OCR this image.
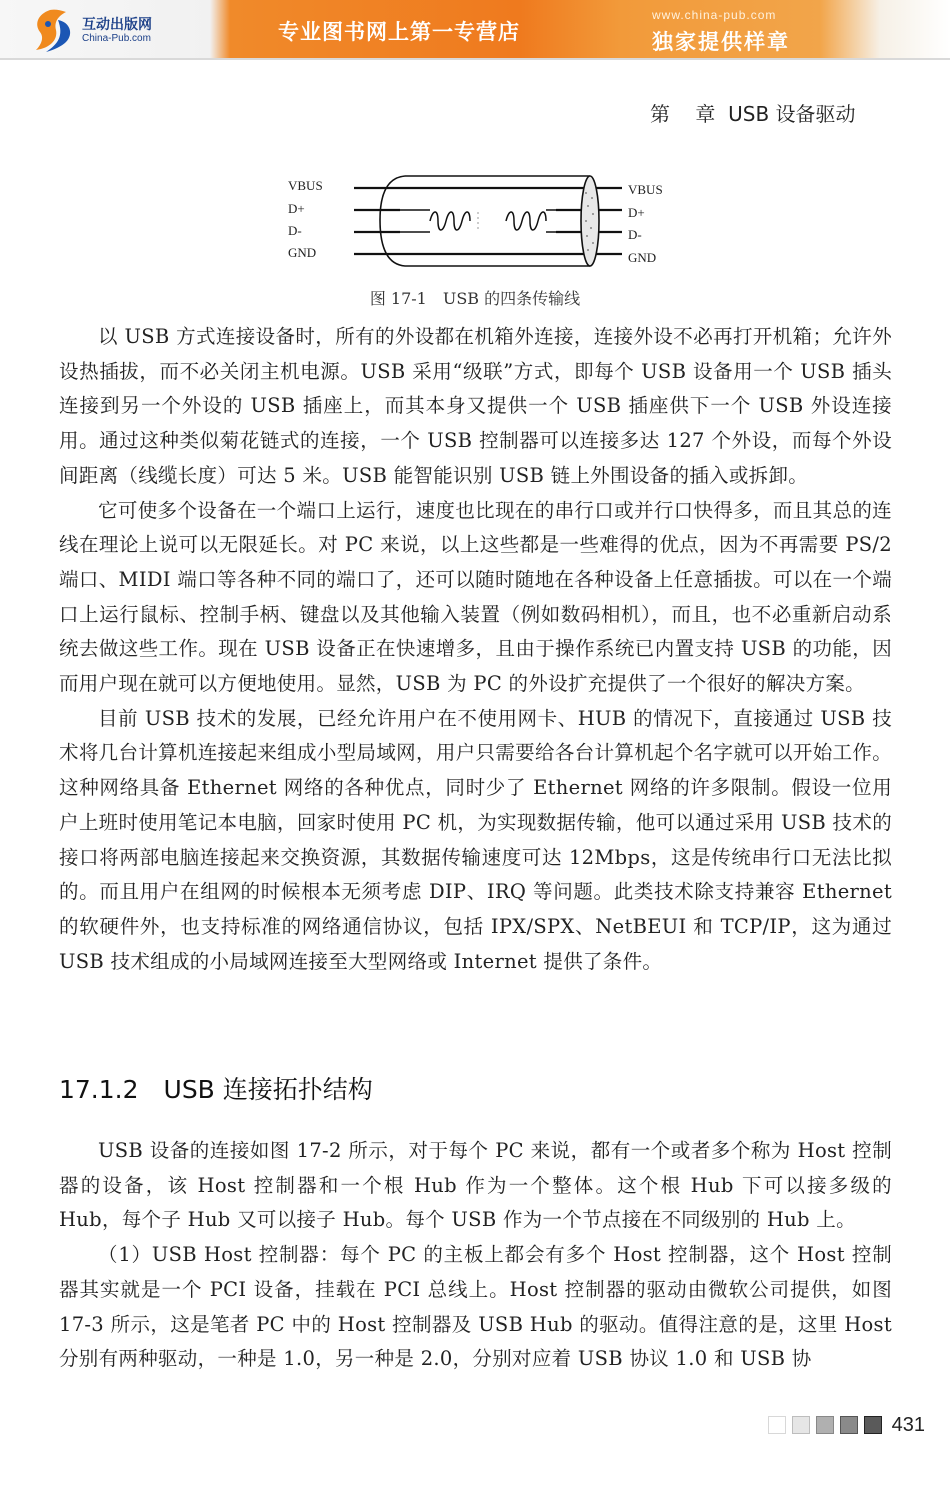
互动出版网
China-Pub.com	专业图书网上第一专营店
www.china-pub.com
独家提供样章
第    章  USB 设备驱动
VBUS
D+
D-
GND
VBUS
D+
D-
GND
图 17-1　USB 的四条传输线

以 USB 方式连接设备时，所有的外设都在机箱外连接，连接外设不必再打开机箱；允许外设热插拔，而不必关闭主机电源。USB 采用“级联”方式，即每个 USB 设备用一个 USB 插头连接到另一个外设的 USB 插座上，而其本身又提供一个 USB 插座供下一个 USB 外设连接用。通过这种类似菊花链式的连接，一个 USB 控制器可以连接多达 127 个外设，而每个外设间距离（线缆长度）可达 5 米。USB 能智能识别 USB 链上外围设备的插入或拆卸。

它可使多个设备在一个端口上运行，速度也比现在的串行口或并行口快得多，而且其总的连线在理论上说可以无限延长。对 PC 来说，以上这些都是一些难得的优点，因为不再需要 PS/2 端口、MIDI 端口等各种不同的端口了，还可以随时随地在各种设备上任意插拔。可以在一个端口上运行鼠标、控制手柄、键盘以及其他输入装置（例如数码相机），而且，也不必重新启动系统去做这些工作。现在 USB 设备正在快速增多，且由于操作系统已内置支持 USB 的功能，因而用户现在就可以方便地使用。显然，USB 为 PC 的外设扩充提供了一个很好的解决方案。

目前 USB 技术的发展，已经允许用户在不使用网卡、HUB 的情况下，直接通过 USB 技术将几台计算机连接起来组成小型局域网，用户只需要给各台计算机起个名字就可以开始工作。这种网络具备 Ethernet 网络的各种优点，同时少了 Ethernet 网络的许多限制。假设一位用户上班时使用笔记本电脑，回家时使用 PC 机，为实现数据传输，他可以通过采用 USB 技术的接口将两部电脑连接起来交换资源，其数据传输速度可达 12Mbps，这是传统串行口无法比拟的。而且用户在组网的时候根本无须考虑 DIP、IRQ 等问题。此类技术除支持兼容 Ethernet 的软硬件外，也支持标准的网络通信协议，包括 IPX/SPX、NetBEUI 和 TCP/IP，这为通过 USB 技术组成的小局域网连接至大型网络或 Internet 提供了条件。

17.1.2　USB 连接拓扑结构

USB 设备的连接如图 17-2 所示，对于每个 PC 来说，都有一个或者多个称为 Host 控制器的设备，该 Host 控制器和一个根 Hub 作为一个整体。这个根 Hub 下可以接多级的 Hub，每个子 Hub 又可以接子 Hub。每个 USB 作为一个节点接在不同级别的 Hub 上。

（1）USB Host 控制器：每个 PC 的主板上都会有多个 Host 控制器，这个 Host 控制器其实就是一个 PCI 设备，挂载在 PCI 总线上。Host 控制器的驱动由微软公司提供，如图 17-3 所示，这是笔者 PC 中的 Host 控制器及 USB Hub 的驱动。值得注意的是，这里 Host 分别有两种驱动，一种是 1.0，另一种是 2.0，分别对应着 USB 协议 1.0 和 USB 协

431
